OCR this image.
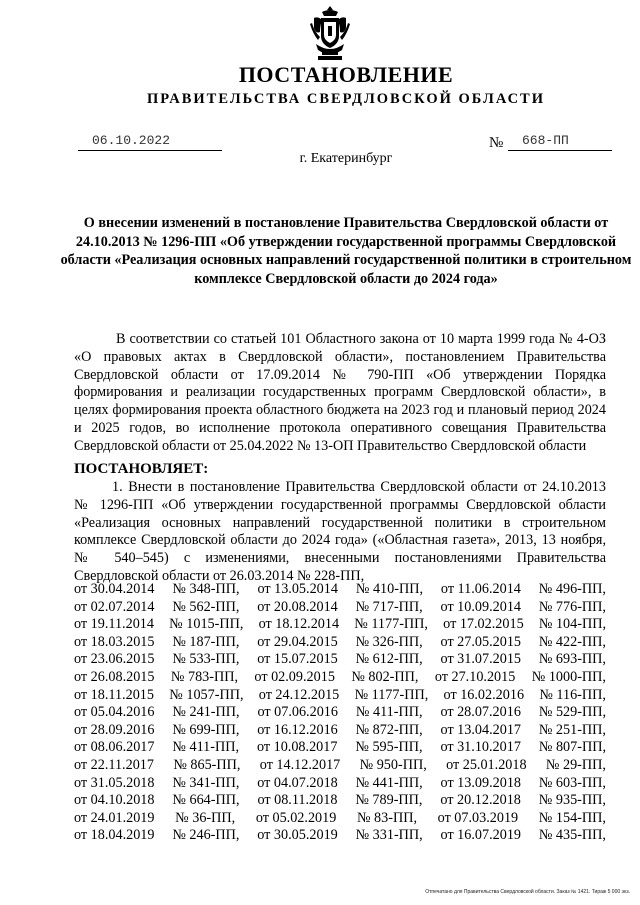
ПОСТАНОВЛЕНИЕ
ПРАВИТЕЛЬСТВА СВЕРДЛОВСКОЙ ОБЛАСТИ
06.10.2022	№	668-ПП
г. Екатеринбург
О внесении изменений в постановление Правительства Свердловской области от 24.10.2013 № 1296-ПП «Об утверждении государственной программы Свердловской области «Реализация основных направлений государственной политики в строительном комплексе Свердловской области до 2024 года»
В соответствии со статьей 101 Областного закона от 10 марта 1999 года № 4-ОЗ «О правовых актах в Свердловской области», постановлением Правительства Свердловской области от 17.09.2014 № 790-ПП «Об утверждении Порядка формирования и реализации государственных программ Свердловской области», в целях формирования проекта областного бюджета на 2023 год и плановый период 2024 и 2025 годов, во исполнение протокола оперативного совещания Правительства Свердловской области от 25.04.2022 № 13-ОП Правительство Свердловской области
ПОСТАНОВЛЯЕТ:
1. Внести в постановление Правительства Свердловской области от 24.10.2013 № 1296-ПП «Об утверждении государственной программы Свердловской области «Реализация основных направлений государственной политики в строительном комплексе Свердловской области до 2024 года» («Областная газета», 2013, 13 ноября, № 540–545) с изменениями, внесенными постановлениями Правительства Свердловской области от 26.03.2014 № 228-ПП,
от 30.04.2014 № 348-ПП, от 13.05.2014 № 410-ПП, от 11.06.2014 № 496-ПП,
от 02.07.2014 № 562-ПП, от 20.08.2014 № 717-ПП, от 10.09.2014 № 776-ПП,
от 19.11.2014 № 1015-ПП, от 18.12.2014 № 1177-ПП, от 17.02.2015 № 104-ПП,
от 18.03.2015 № 187-ПП, от 29.04.2015 № 326-ПП, от 27.05.2015 № 422-ПП,
от 23.06.2015 № 533-ПП, от 15.07.2015 № 612-ПП, от 31.07.2015 № 693-ПП,
от 26.08.2015 № 783-ПП, от 02.09.2015 № 802-ПП, от 27.10.2015 № 1000-ПП,
от 18.11.2015 № 1057-ПП, от 24.12.2015 № 1177-ПП, от 16.02.2016 № 116-ПП,
от 05.04.2016 № 241-ПП, от 07.06.2016 № 411-ПП, от 28.07.2016 № 529-ПП,
от 28.09.2016 № 699-ПП, от 16.12.2016 № 872-ПП, от 13.04.2017 № 251-ПП,
от 08.06.2017 № 411-ПП, от 10.08.2017 № 595-ПП, от 31.10.2017 № 807-ПП,
от 22.11.2017 № 865-ПП, от 14.12.2017 № 950-ПП, от 25.01.2018 № 29-ПП,
от 31.05.2018 № 341-ПП, от 04.07.2018 № 441-ПП, от 13.09.2018 № 603-ПП,
от 04.10.2018 № 664-ПП, от 08.11.2018 № 789-ПП, от 20.12.2018 № 935-ПП,
от 24.01.2019 № 36-ПП, от 05.02.2019 № 83-ПП, от 07.03.2019 № 154-ПП,
от 18.04.2019 № 246-ПП, от 30.05.2019 № 331-ПП, от 16.07.2019 № 435-ПП,
Отпечатано для Правительства Свердловской области. Заказ № 1421. Тираж 5 000 экз.
